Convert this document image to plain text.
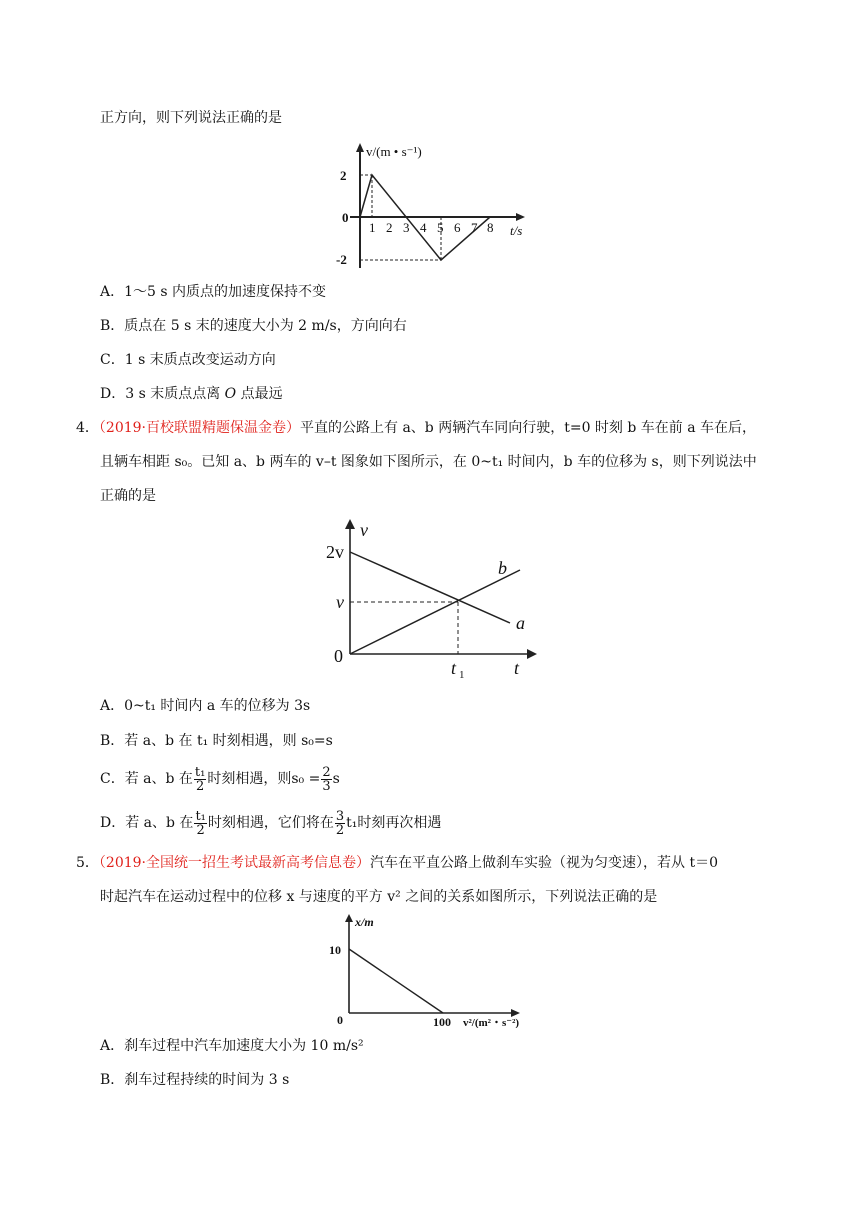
正方向，则下列说法正确的是
v/(m • s⁻¹)
t/s
2
0
-2
1 2 3 4 5 6 7 8
A．1～5 s 内质点的加速度保持不变
B．质点在 5 s 末的速度大小为 2 m/s，方向向右
C．1 s 末质点改变运动方向
D．3 s 末质点点离 O 点最远
4．（2019·百校联盟精题保温金卷）平直的公路上有 a、b 两辆汽车同向行驶，t=0 时刻 b 车在前 a 车在后，
且辆车相距 s₀。已知 a、b 两车的 v–t 图象如下图所示，在 0~t₁ 时间内，b 车的位移为 s，则下列说法中
正确的是
v
t
2v
v
0
t 1
a
b
A．0~t₁ 时间内 a 车的位移为 3s
B．若 a、b 在 t₁ 时刻相遇，则 s₀=s
C．若 a、b 在 $\frac{\text{t₁}}{2}$ 时刻相遇，则$s_0 = \frac{2}{3}$ s
D．若 a、b 在 $\frac{\text{t₁}}{2}$ 时刻相遇，它们将在 $\frac{3}{2} t_1$时刻再次相遇
5．（2019·全国统一招生考试最新高考信息卷）汽车在平直公路上做刹车实验（视为匀变速），若从 t＝0
时起汽车在运动过程中的位移 x 与速度的平方 v² 之间的关系如图所示，下列说法正确的是
x/m
10
0	100 v²/(m²・s⁻²)
A．刹车过程中汽车加速度大小为 10 m/s²
B．刹车过程持续的时间为 3 s
